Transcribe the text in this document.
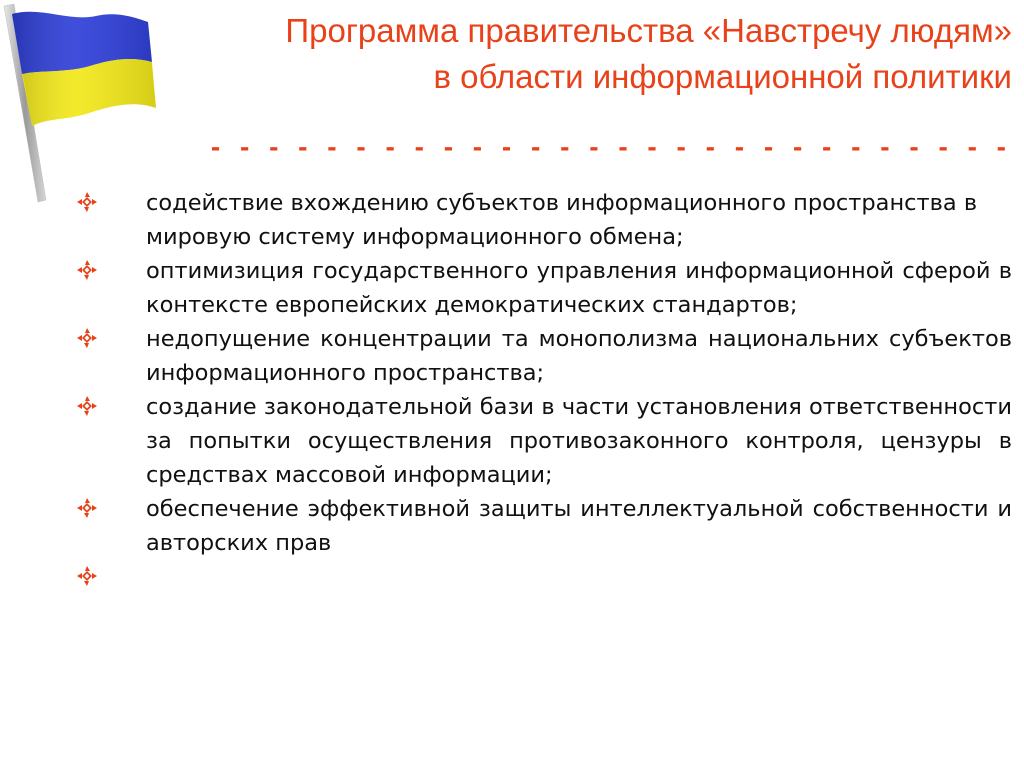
Программа правительства «Навстречу людям»
в области информационной политики
- - - - - - - - - - - - - - - - - - - - - - - - - - - -
содействие вхождению субъектов информационного пространства в мировую систему информационного обмена;
оптимизиция государственного управления информационной сферой в контексте европейских демократических стандартов;
недопущение концентрации та монополизма национальних субъектов информационного пространства;
создание законодательной бази в части установления ответственности за попытки осуществления противозаконного контроля, цензуры в средствах массовой информации;
обеспечение эффективной защиты интеллектуальной собственности и авторских прав
